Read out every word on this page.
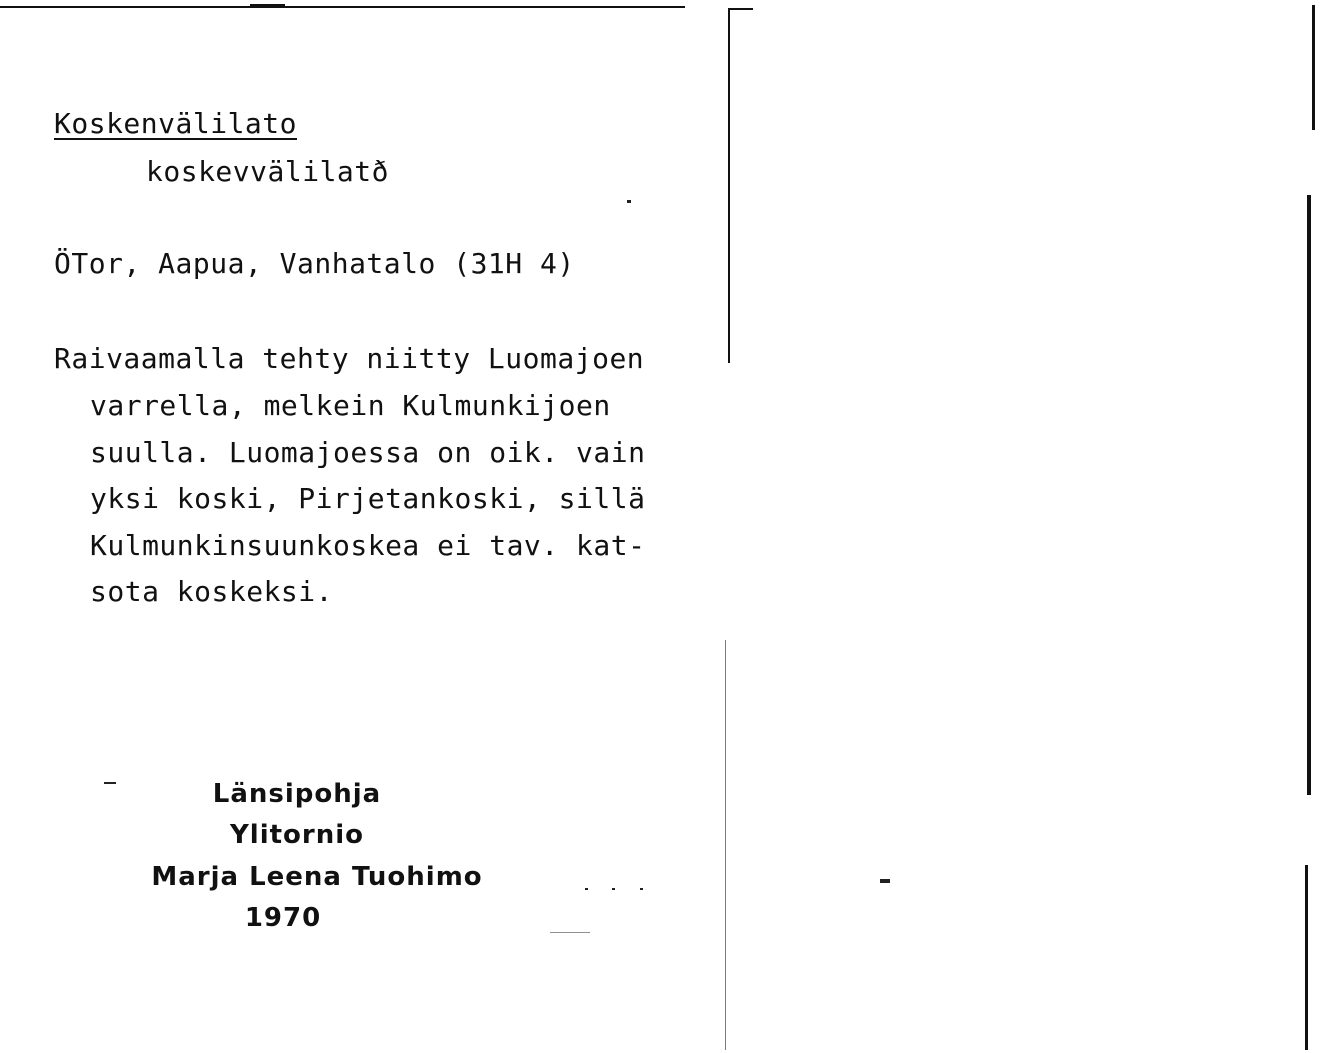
Koskenvälilato
koskevvälilatð
ÖTor, Aapua, Vanhatalo (31H 4)
Raivaamalla tehty niitty Luomajoen
varrella, melkein Kulmunkijoen
suulla. Luomajoessa on oik. vain
yksi koski, Pirjetankoski, sillä
Kulmunkinsuunkoskea ei tav. kat-
sota koskeksi.
Länsipohja
Ylitornio
Marja Leena Tuohimo
1970
